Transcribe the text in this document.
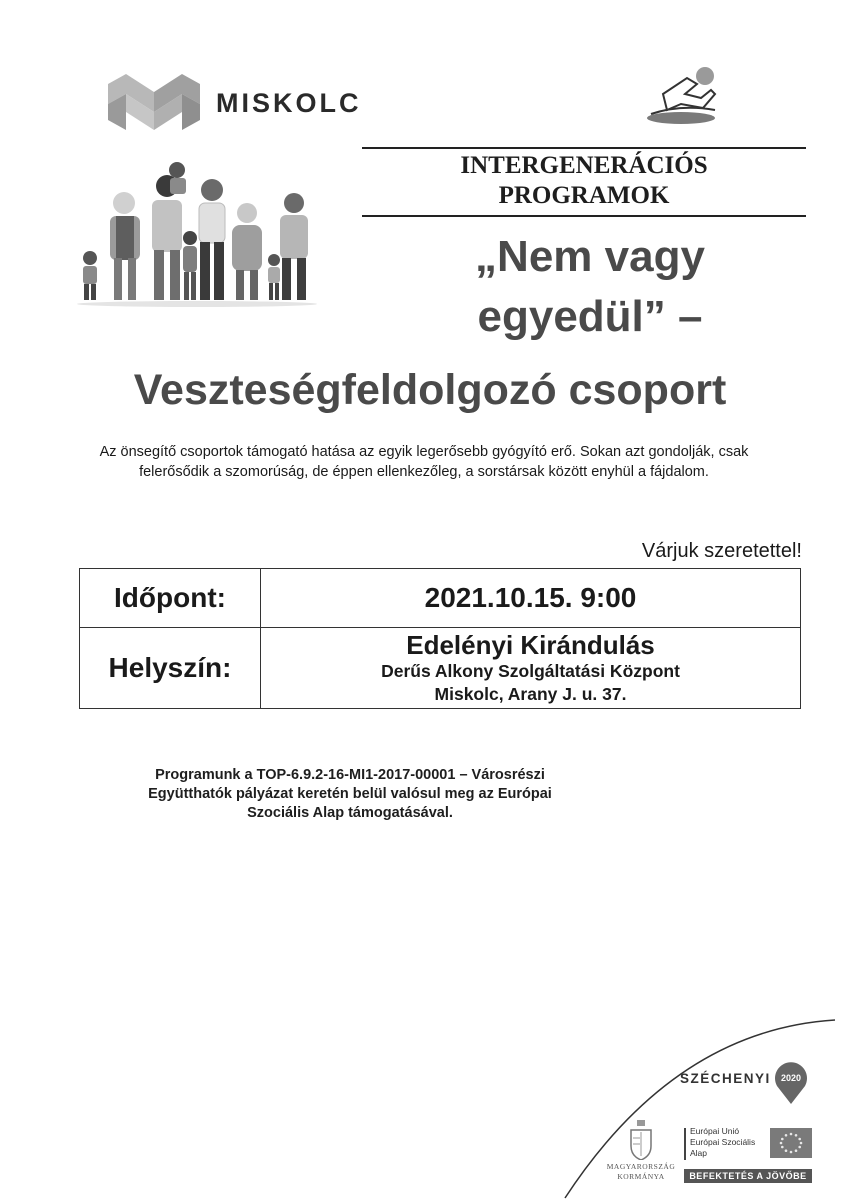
MISKOLC
INTERGENERÁCIÓS
PROGRAMOK
„Nem vagy
egyedül” –
Veszteségfeldolgozó csoport
Az önsegítő csoportok támogató hatása az egyik legerősebb gyógyító erő. Sokan azt gondolják, csak
felerősődik a szomorúság, de éppen ellenkezőleg, a sorstársak között enyhül a fájdalom.
Várjuk szeretettel!
Időpont:	2021.10.15. 9:00
Helyszín:	Edelényi Kirándulás
Derűs Alkony Szolgáltatási Központ
Miskolc, Arany J. u. 37.
Programunk a TOP-6.9.2-16-MI1-2017-00001 – Városrészi
Együtthatók pályázat keretén belül valósul meg az Európai
Szociális Alap támogatásával.
SZÉCHENYI 2020
MAGYARORSZÁG
KORMÁNYA
Európai Unió
Európai Szociális
Alap
BEFEKTETÉS A JÖVŐBE
